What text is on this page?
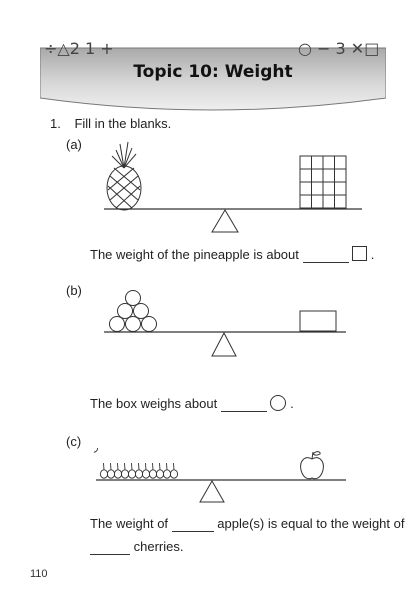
÷△2 1 +	○ − 3 ✕□
Topic 10: Weight
1. Fill in the blanks.
(a)
The weight of the pineapple is about	.
(b)
The box weighs about	.
(c)
The weight of	apple(s) is equal to the weight of
cherries.
110
